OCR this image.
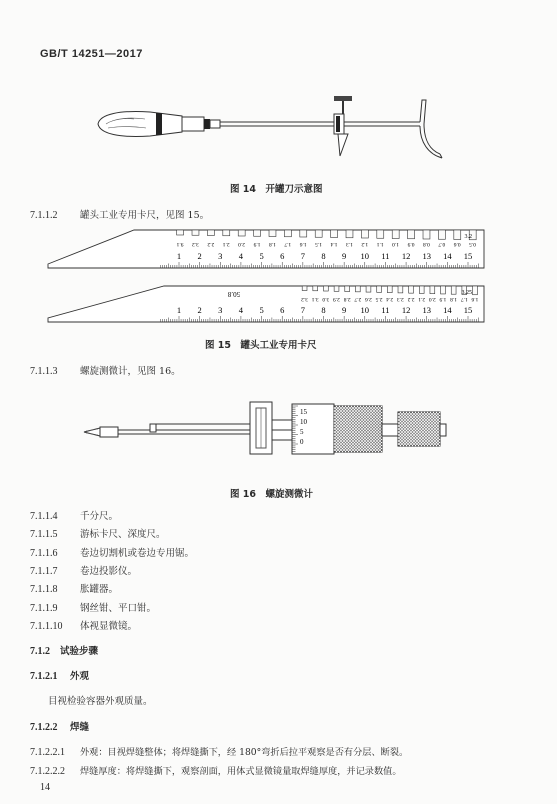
GB/T 14251—2017
图 14　开罐刀示意图
7.1.1.2 罐头工业专用卡尺，见图 15。
9.1 3.2 2.2 2.1 2.0 1.9 1.8 1.7 1.6 1.5 1.4 1.3 1.2 1.1 1.0 0.9 0.8 0.7 0.6 0.5
3.2
1 2 3 4 5 6 7 8 9 10 11 12 13 14 15
3.2 3.1 3.0 2.9 2.8 2.7 2.6 2.5 2.4 2.3 2.2 2.1 2.0 1.9 1.8 1.7 1.6
3.25
1 2 3 4 5 6 7 8 9 10 11 12 13 14 15
50.8
图 15　罐头工业专用卡尺
7.1.1.3 螺旋测微计，见图 16。
15
10
5
0
图 16　螺旋测微计
7.1.1.4 千分尺。
7.1.1.5 游标卡尺、深度尺。
7.1.1.6 卷边切割机或卷边专用锯。
7.1.1.7 卷边投影仪。
7.1.1.8 胀罐器。
7.1.1.9 钢丝钳、平口钳。
7.1.1.10 体视显微镜。
7.1.2 试验步骤
7.1.2.1 外观
目视检验容器外观质量。
7.1.2.2 焊缝
7.1.2.2.1 外观：目视焊缝整体；将焊缝撕下，经 180°弯折后拉平观察是否有分层、断裂。
7.1.2.2.2 焊缝厚度：将焊缝撕下，观察剖面，用体式显微镜量取焊缝厚度，并记录数值。
14
